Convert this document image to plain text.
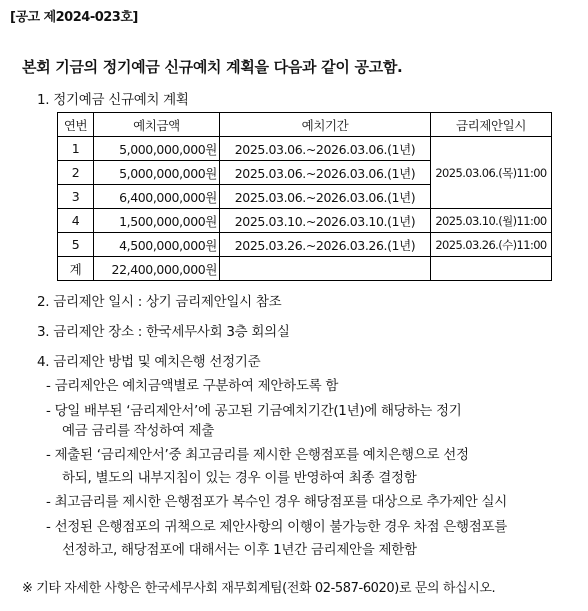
[공고 제2024-023호]
본회 기금의 정기예금 신규예치 계획을 다음과 같이 공고함.
1. 정기예금 신규예치 계획
연번	예치금액	예치기간	금리제안일시
1	5,000,000,000원	2025.03.06.~2026.03.06.(1년)	2025.03.06.(목)11:00
2	5,000,000,000원	2025.03.06.~2026.03.06.(1년)	
3	6,400,000,000원	2025.03.06.~2026.03.06.(1년)	
4	1,500,000,000원	2025.03.10.~2026.03.10.(1년)	2025.03.10.(월)11:00
5	4,500,000,000원	2025.03.26.~2026.03.26.(1년)	2025.03.26.(수)11:00
계	22,400,000,000원		
2. 금리제안 일시 : 상기 금리제안일시 참조
3. 금리제안 장소 : 한국세무사회 3층 회의실
4. 금리제안 방법 및 예치은행 선정기준
- 금리제안은 예치금액별로 구분하여 제안하도록 함
- 당일 배부된 ‘금리제안서’에 공고된 기금예치기간(1년)에 해당하는 정기
예금 금리를 작성하여 제출
- 제출된 ‘금리제안서’중 최고금리를 제시한 은행점포를 예치은행으로 선정
하되, 별도의 내부지침이 있는 경우 이를 반영하여 최종 결정함
- 최고금리를 제시한 은행점포가 복수인 경우 해당점포를 대상으로 추가제안 실시
- 선정된 은행점포의 귀책으로 제안사항의 이행이 불가능한 경우 차점 은행점포를
선정하고, 해당점포에 대해서는 이후 1년간 금리제안을 제한함
※ 기타 자세한 사항은 한국세무사회 재무회계팀(전화 02-587-6020)로 문의 하십시오.
